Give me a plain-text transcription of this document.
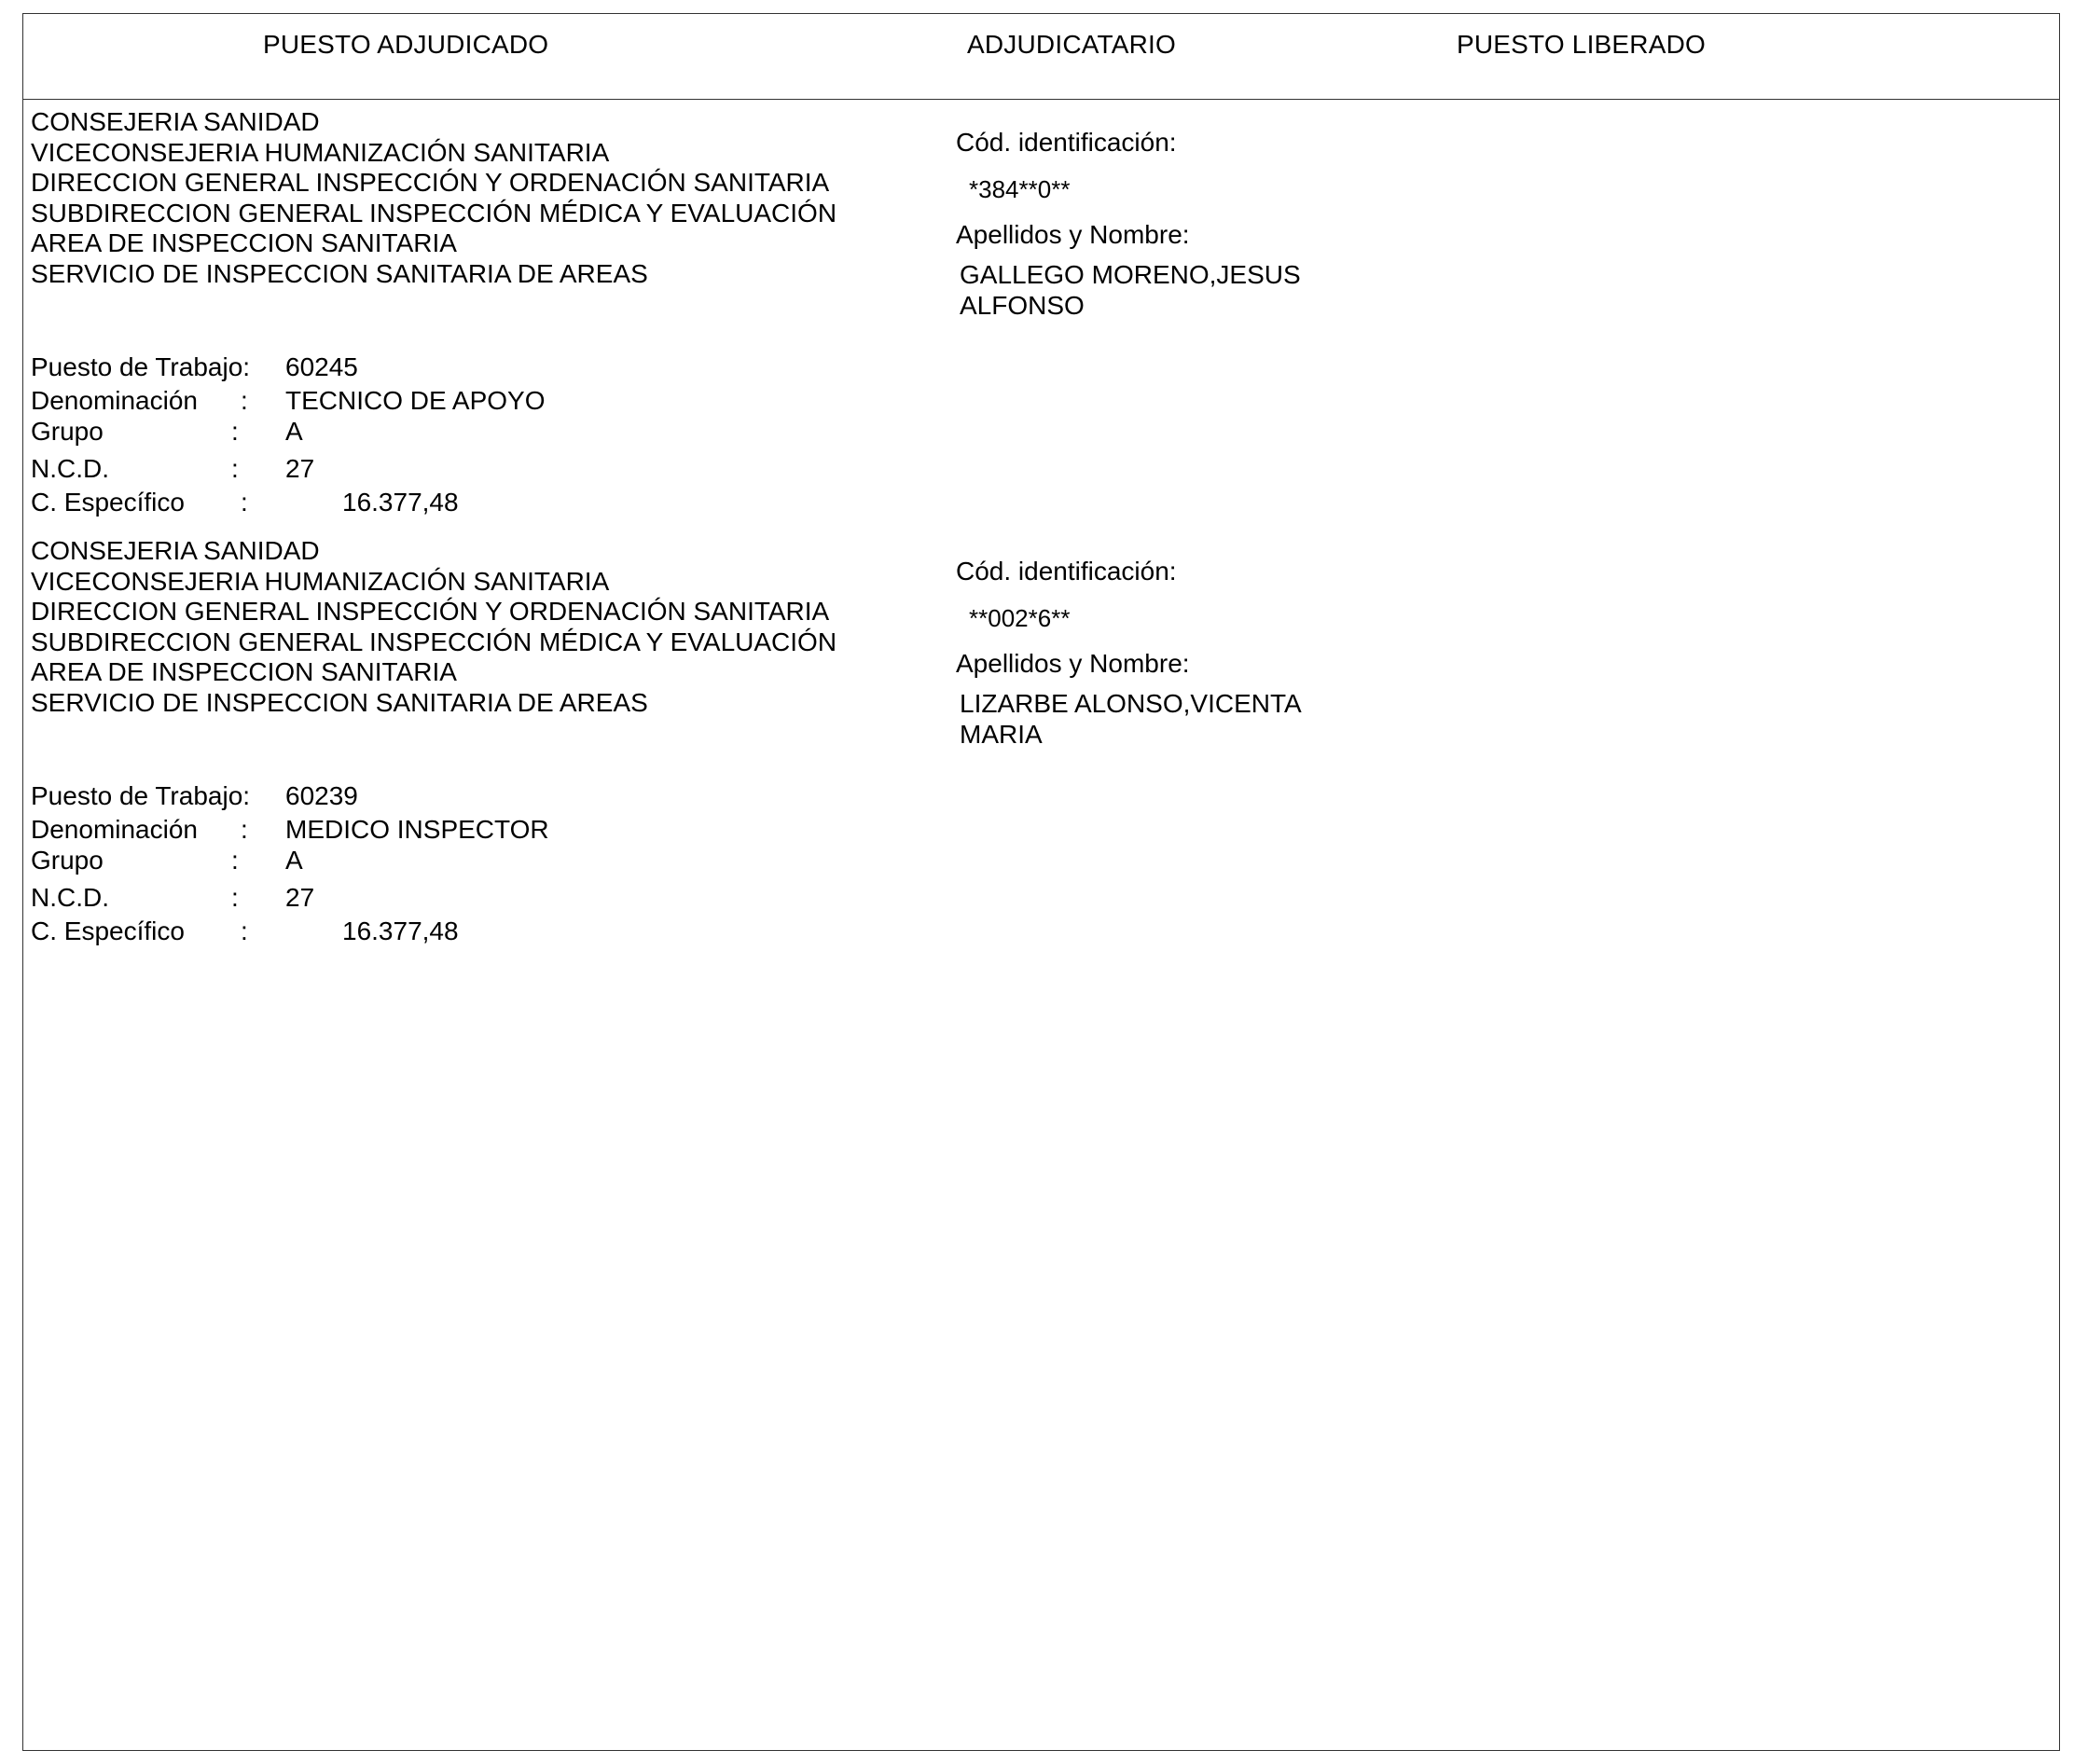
PUESTO ADJUDICADO	ADJUDICATARIO	PUESTO LIBERADO
CONSEJERIA SANIDAD
VICECONSEJERIA HUMANIZACIÓN SANITARIA
DIRECCION GENERAL INSPECCIÓN Y ORDENACIÓN SANITARIA
SUBDIRECCION GENERAL INSPECCIÓN MÉDICA Y EVALUACIÓN
AREA DE INSPECCION SANITARIA
SERVICIO DE INSPECCION SANITARIA DE AREAS
Puesto de Trabajo: 60245
Denominación : TECNICO DE APOYO
Grupo	: A
N.C.D.	: 27
C. Específico :	16.377,48
Cód. identificación:
*384**0**
Apellidos y Nombre:
GALLEGO MORENO,JESUS ALFONSO
CONSEJERIA SANIDAD
VICECONSEJERIA HUMANIZACIÓN SANITARIA
DIRECCION GENERAL INSPECCIÓN Y ORDENACIÓN SANITARIA
SUBDIRECCION GENERAL INSPECCIÓN MÉDICA Y EVALUACIÓN
AREA DE INSPECCION SANITARIA
SERVICIO DE INSPECCION SANITARIA DE AREAS
Puesto de Trabajo: 60239
Denominación : MEDICO INSPECTOR
Grupo	: A
N.C.D.	: 27
C. Específico :	16.377,48
Cód. identificación:
**002*6**
Apellidos y Nombre:
LIZARBE ALONSO,VICENTA MARIA
